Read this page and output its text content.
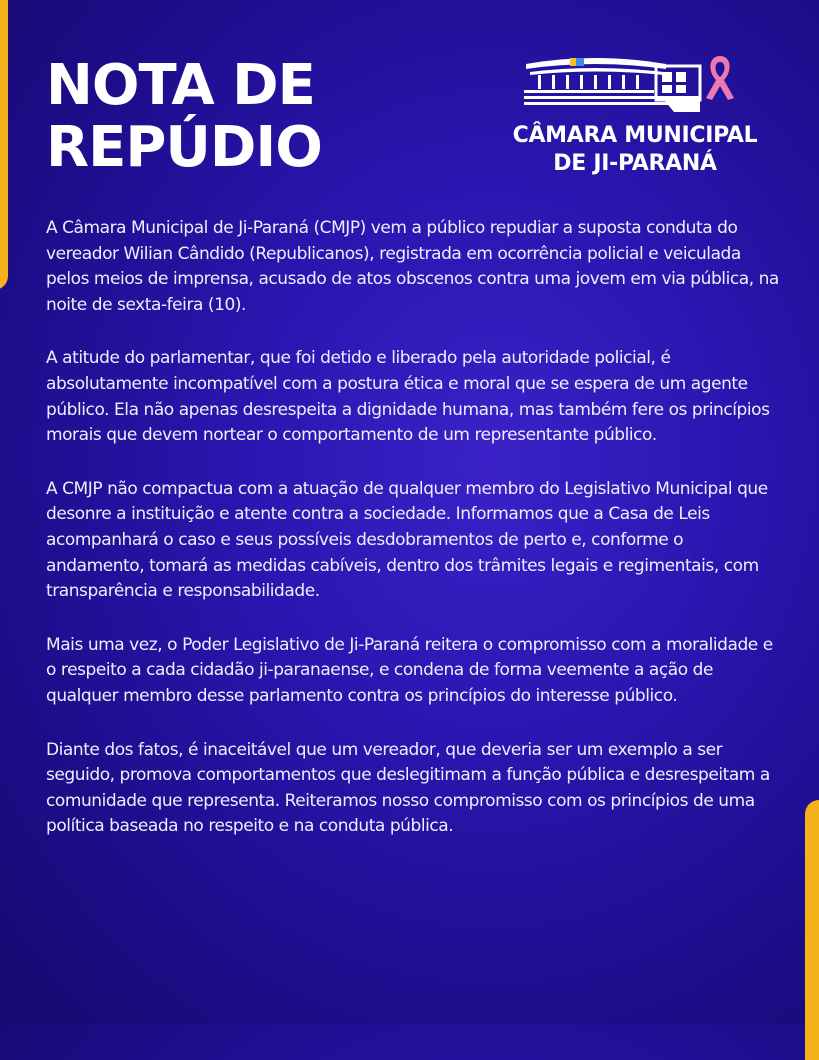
NOTA DE
REPÚDIO	CÂMARA MUNICIPAL
DE JI-PARANÁ

A Câmara Municipal de Ji-Paraná (CMJP) vem a público repudiar a suposta conduta do vereador Wilian Cândido (Republicanos), registrada em ocorrência policial e veiculada pelos meios de imprensa, acusado de atos obscenos contra uma jovem em via pública, na noite de sexta-feira (10).

A atitude do parlamentar, que foi detido e liberado pela autoridade policial, é absolutamente incompatível com a postura ética e moral que se espera de um agente público. Ela não apenas desrespeita a dignidade humana, mas também fere os princípios morais que devem nortear o comportamento de um representante público.

A CMJP não compactua com a atuação de qualquer membro do Legislativo Municipal que desonre a instituição e atente contra a sociedade. Informamos que a Casa de Leis acompanhará o caso e seus possíveis desdobramentos de perto e, conforme o andamento, tomará as medidas cabíveis, dentro dos trâmites legais e regimentais, com transparência e responsabilidade.

Mais uma vez, o Poder Legislativo de Ji-Paraná reitera o compromisso com a moralidade e o respeito a cada cidadão ji-paranaense, e condena de forma veemente a ação de qualquer membro desse parlamento contra os princípios do interesse público.

Diante dos fatos, é inaceitável que um vereador, que deveria ser um exemplo a ser seguido, promova comportamentos que deslegitimam a função pública e desrespeitam a comunidade que representa. Reiteramos nosso compromisso com os princípios de uma política baseada no respeito e na conduta pública.
